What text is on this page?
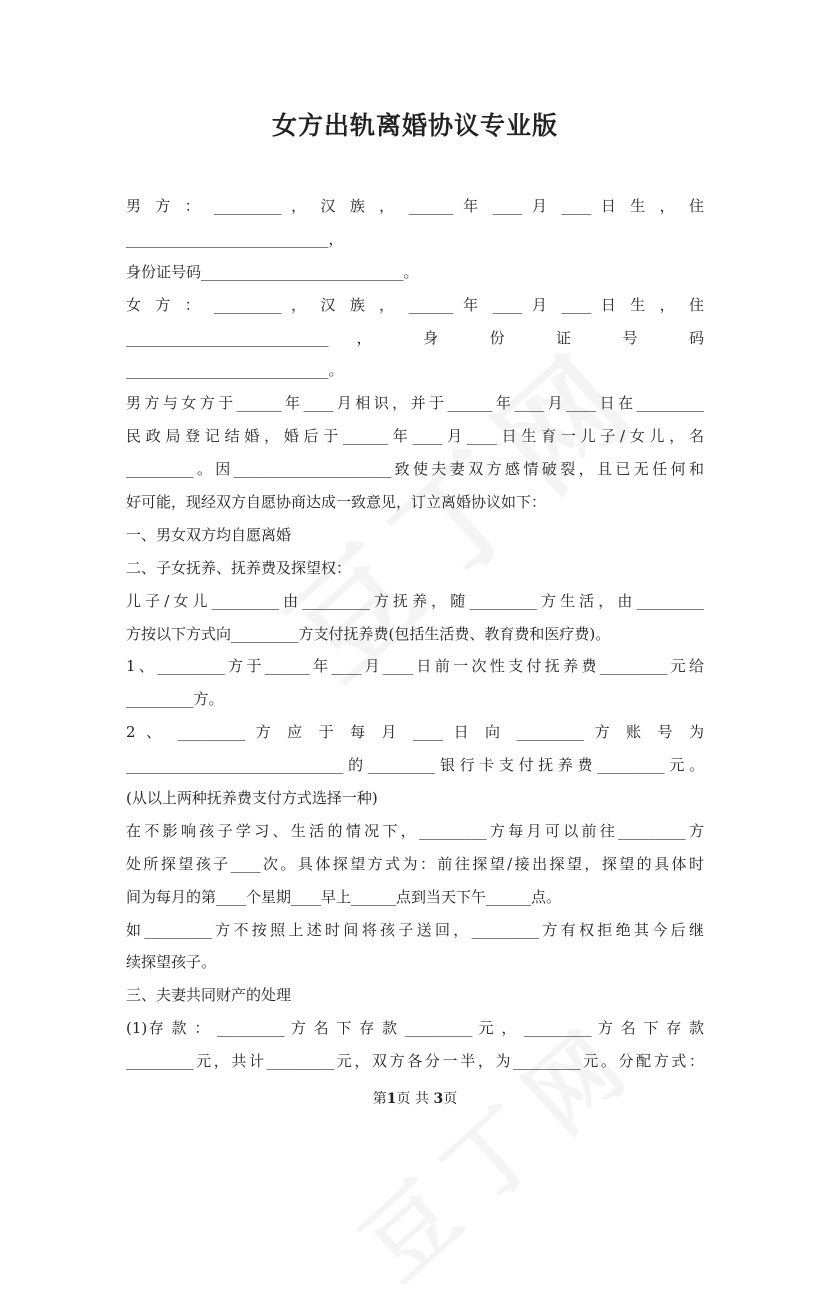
女方出轨离婚协议专业版
男 方 ： _________ ， 汉 族 ， ______ 年 ____ 月 ____ 日 生 ， 住
___________________________，
身份证号码___________________________。
女 方 ： _________ ， 汉 族 ， ______ 年 ____ 月 ____ 日 生 ， 住
___________________________ ， 身 份 证 号 码
___________________________。
男方与女方于______年____月相识，并于______年____月____日在_________
民政局登记结婚，婚后于______年____月____日生育一儿子/女儿，名
_________。因_____________________致使夫妻双方感情破裂，且已无任何和
好可能，现经双方自愿协商达成一致意见，订立离婚协议如下：
一、男女双方均自愿离婚
二、子女抚养、抚养费及探望权：
儿子/女儿_________由_________方抚养，随_________方生活，由_________
方按以下方式向_________方支付抚养费(包括生活费、教育费和医疗费)。
1、_________方于______年____月____日前一次性支付抚养费_________元给
_________方。
2 、 _________ 方 应 于 每 月 ____ 日 向 _________ 方 账 号 为
_____________________________的_________银行卡支付抚养费_________元。
(从以上两种抚养费支付方式选择一种)
在不影响孩子学习、生活的情况下，_________方每月可以前往_________方
处所探望孩子____次。具体探望方式为：前往探望/接出探望，探望的具体时
间为每月的第____个星期____早上______点到当天下午______点。
如_________方不按照上述时间将孩子送回，_________方有权拒绝其今后继
续探望孩子。
三、夫妻共同财产的处理
(1)存 款 ： _________ 方 名 下 存 款 _________ 元 ， _________ 方 名 下 存 款
_________元，共计_________元，双方各分一半，为_________元。分配方式：
第1页 共 3页
